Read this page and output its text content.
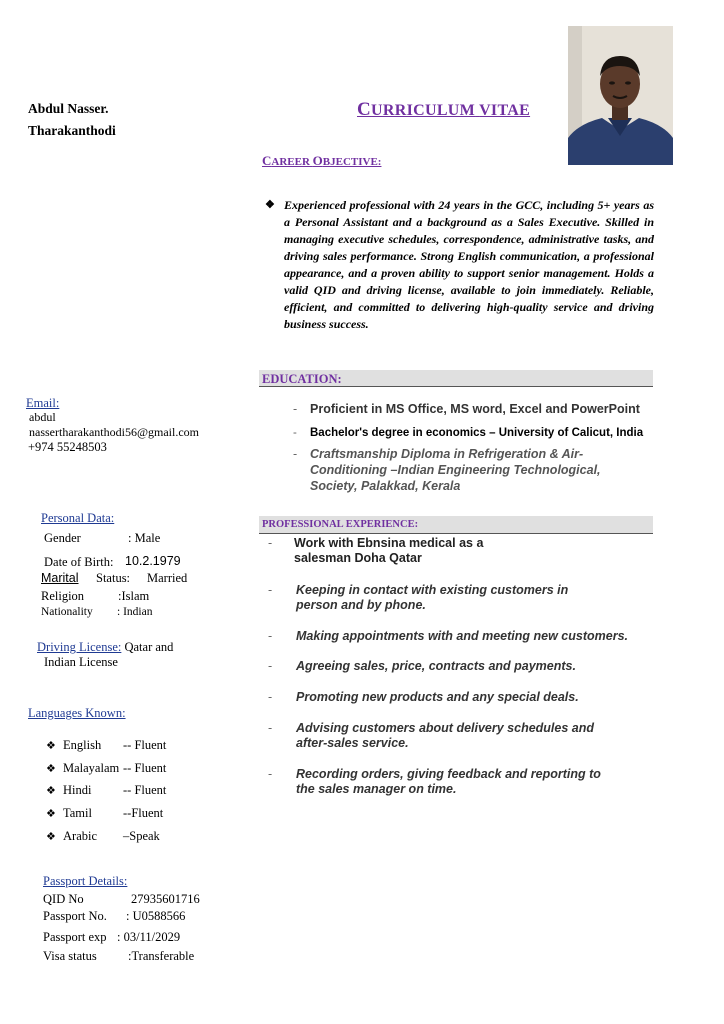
Abdul Nasser.
Tharakanthodi
CURRICULUM VITAE
CAREER OBJECTIVE:
❖ Experienced professional with 24 years in the GCC, including 5+ years as a Personal Assistant and a background as a Sales Executive. Skilled in managing executive schedules, correspondence, administrative tasks, and driving sales performance. Strong English communication, a professional appearance, and a proven ability to support senior management. Holds a valid QID and driving license, available to join immediately. Reliable, efficient, and committed to delivering high-quality service and driving business success.
EDUCATION:
- Proficient in MS Office, MS word, Excel and PowerPoint
- Bachelor's degree in economics – University of Calicut, India
- Craftsmanship Diploma in Refrigeration & Air-
Conditioning –Indian Engineering Technological,
Society, Palakkad, Kerala
PROFESSIONAL EXPERIENCE:
- Work with Ebnsina medical as a
salesman Doha Qatar
- Keeping in contact with existing customers in
person and by phone.
- Making appointments with and meeting new customers.
- Agreeing sales, price, contracts and payments.
- Promoting new products and any special deals.
- Advising customers about delivery schedules and
after-sales service.
- Recording orders, giving feedback and reporting to
the sales manager on time.
Email:
abdul
nassertharakanthodi56@gmail.com
+974 55248503
Personal Data:
Gender	: Male
Date of Birth: 10.2.1979
Marital Status: Married
Religion	:Islam
Nationality : Indian
Driving License: Qatar and
Indian License
Languages Known:
❖ English -- Fluent
❖ Malayalam -- Fluent
❖ Hindi	-- Fluent
❖ Tamil --Fluent
❖ Arabic –Speak
Passport Details:
QID No	27935601716
Passport No. : U0588566
Passport exp : 03/11/2029
Visa status :Transferable
